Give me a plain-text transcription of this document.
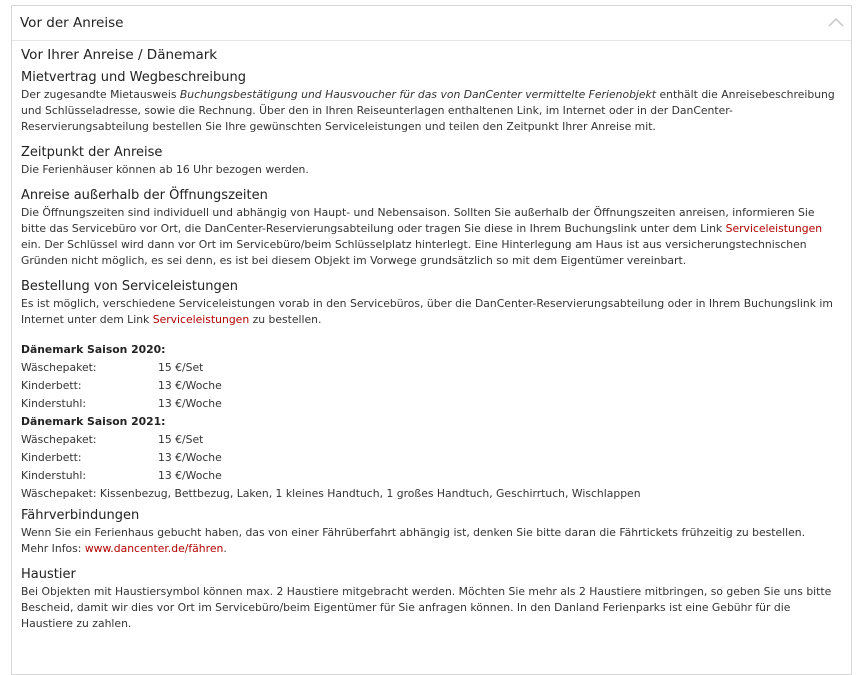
Vor der Anreise
Vor Ihrer Anreise / Dänemark
Mietvertrag und Wegbeschreibung

Der zugesandte Mietausweis Buchungsbestätigung und Hausvoucher für das von DanCenter vermittelte Ferienobjekt enthält die Anreisebeschreibung und Schlüsseladresse, sowie die Rechnung. Über den in Ihren Reiseunterlagen enthaltenen Link, im Internet oder in der DanCenter-Reservierungsabteilung bestellen Sie Ihre gewünschten Serviceleistungen und teilen den Zeitpunkt Ihrer Anreise mit.

Zeitpunkt der Anreise

Die Ferienhäuser können ab 16 Uhr bezogen werden.

Anreise außerhalb der Öffnungszeiten

Die Öffnungszeiten sind individuell und abhängig von Haupt- und Nebensaison. Sollten Sie außerhalb der Öffnungszeiten anreisen, informieren Sie bitte das Servicebüro vor Ort, die DanCenter-Reservierungsabteilung oder tragen Sie diese in Ihrem Buchungslink unter dem Link Serviceleistungen ein. Der Schlüssel wird dann vor Ort im Servicebüro/beim Schlüsselplatz hinterlegt. Eine Hinterlegung am Haus ist aus versicherungstechnischen Gründen nicht möglich, es sei denn, es ist bei diesem Objekt im Vorwege grundsätzlich so mit dem Eigentümer vereinbart.

Bestellung von Serviceleistungen

Es ist möglich, verschiedene Serviceleistungen vorab in den Servicebüros, über die DanCenter-Reservierungsabteilung oder in Ihrem Buchungslink im Internet unter dem Link Serviceleistungen zu bestellen.

Dänemark Saison 2020:
Wäschepaket:	15 €/Set
Kinderbett:	13 €/Woche
Kinderstuhl:	13 €/Woche
Dänemark Saison 2021:
Wäschepaket:	15 €/Set
Kinderbett:	13 €/Woche
Kinderstuhl:	13 €/Woche
Wäschepaket: Kissenbezug, Bettbezug, Laken, 1 kleines Handtuch, 1 großes Handtuch, Geschirrtuch, Wischlappen
Fährverbindungen

Wenn Sie ein Ferienhaus gebucht haben, das von einer Fährüberfahrt abhängig ist, denken Sie bitte daran die Fährtickets frühzeitig zu bestellen.

Mehr Infos: www.dancenter.de/fähren.

Haustier

Bei Objekten mit Haustiersymbol können max. 2 Haustiere mitgebracht werden. Möchten Sie mehr als 2 Haustiere mitbringen, so geben Sie uns bitte Bescheid, damit wir dies vor Ort im Servicebüro/beim Eigentümer für Sie anfragen können. In den Danland Ferienparks ist eine Gebühr für die Haustiere zu zahlen.
